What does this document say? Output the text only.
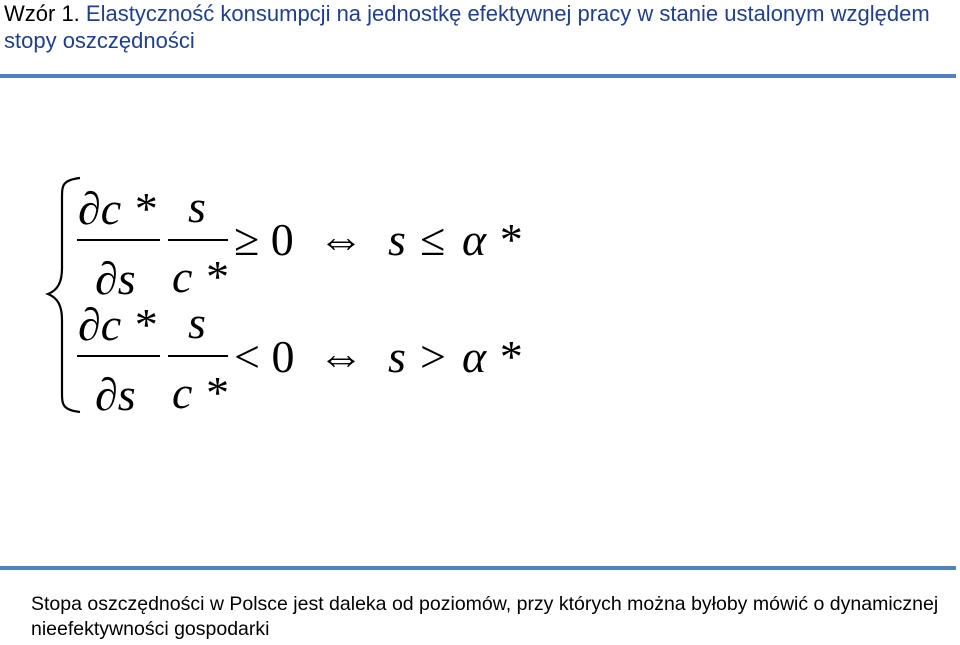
Wzór 1. Elastyczność konsumpcji na jednostkę efektywnej pracy w stanie ustalonym względem stopy oszczędności
∂c *
∂s
s
c *
≥ 0 ⇔ s ≤ α *
∂c *
∂s
s
c *
< 0 ⇔ s > α *

Stopa oszczędności w Polsce jest daleka od poziomów, przy których można byłoby mówić o dynamicznej nieefektywności gospodarki
